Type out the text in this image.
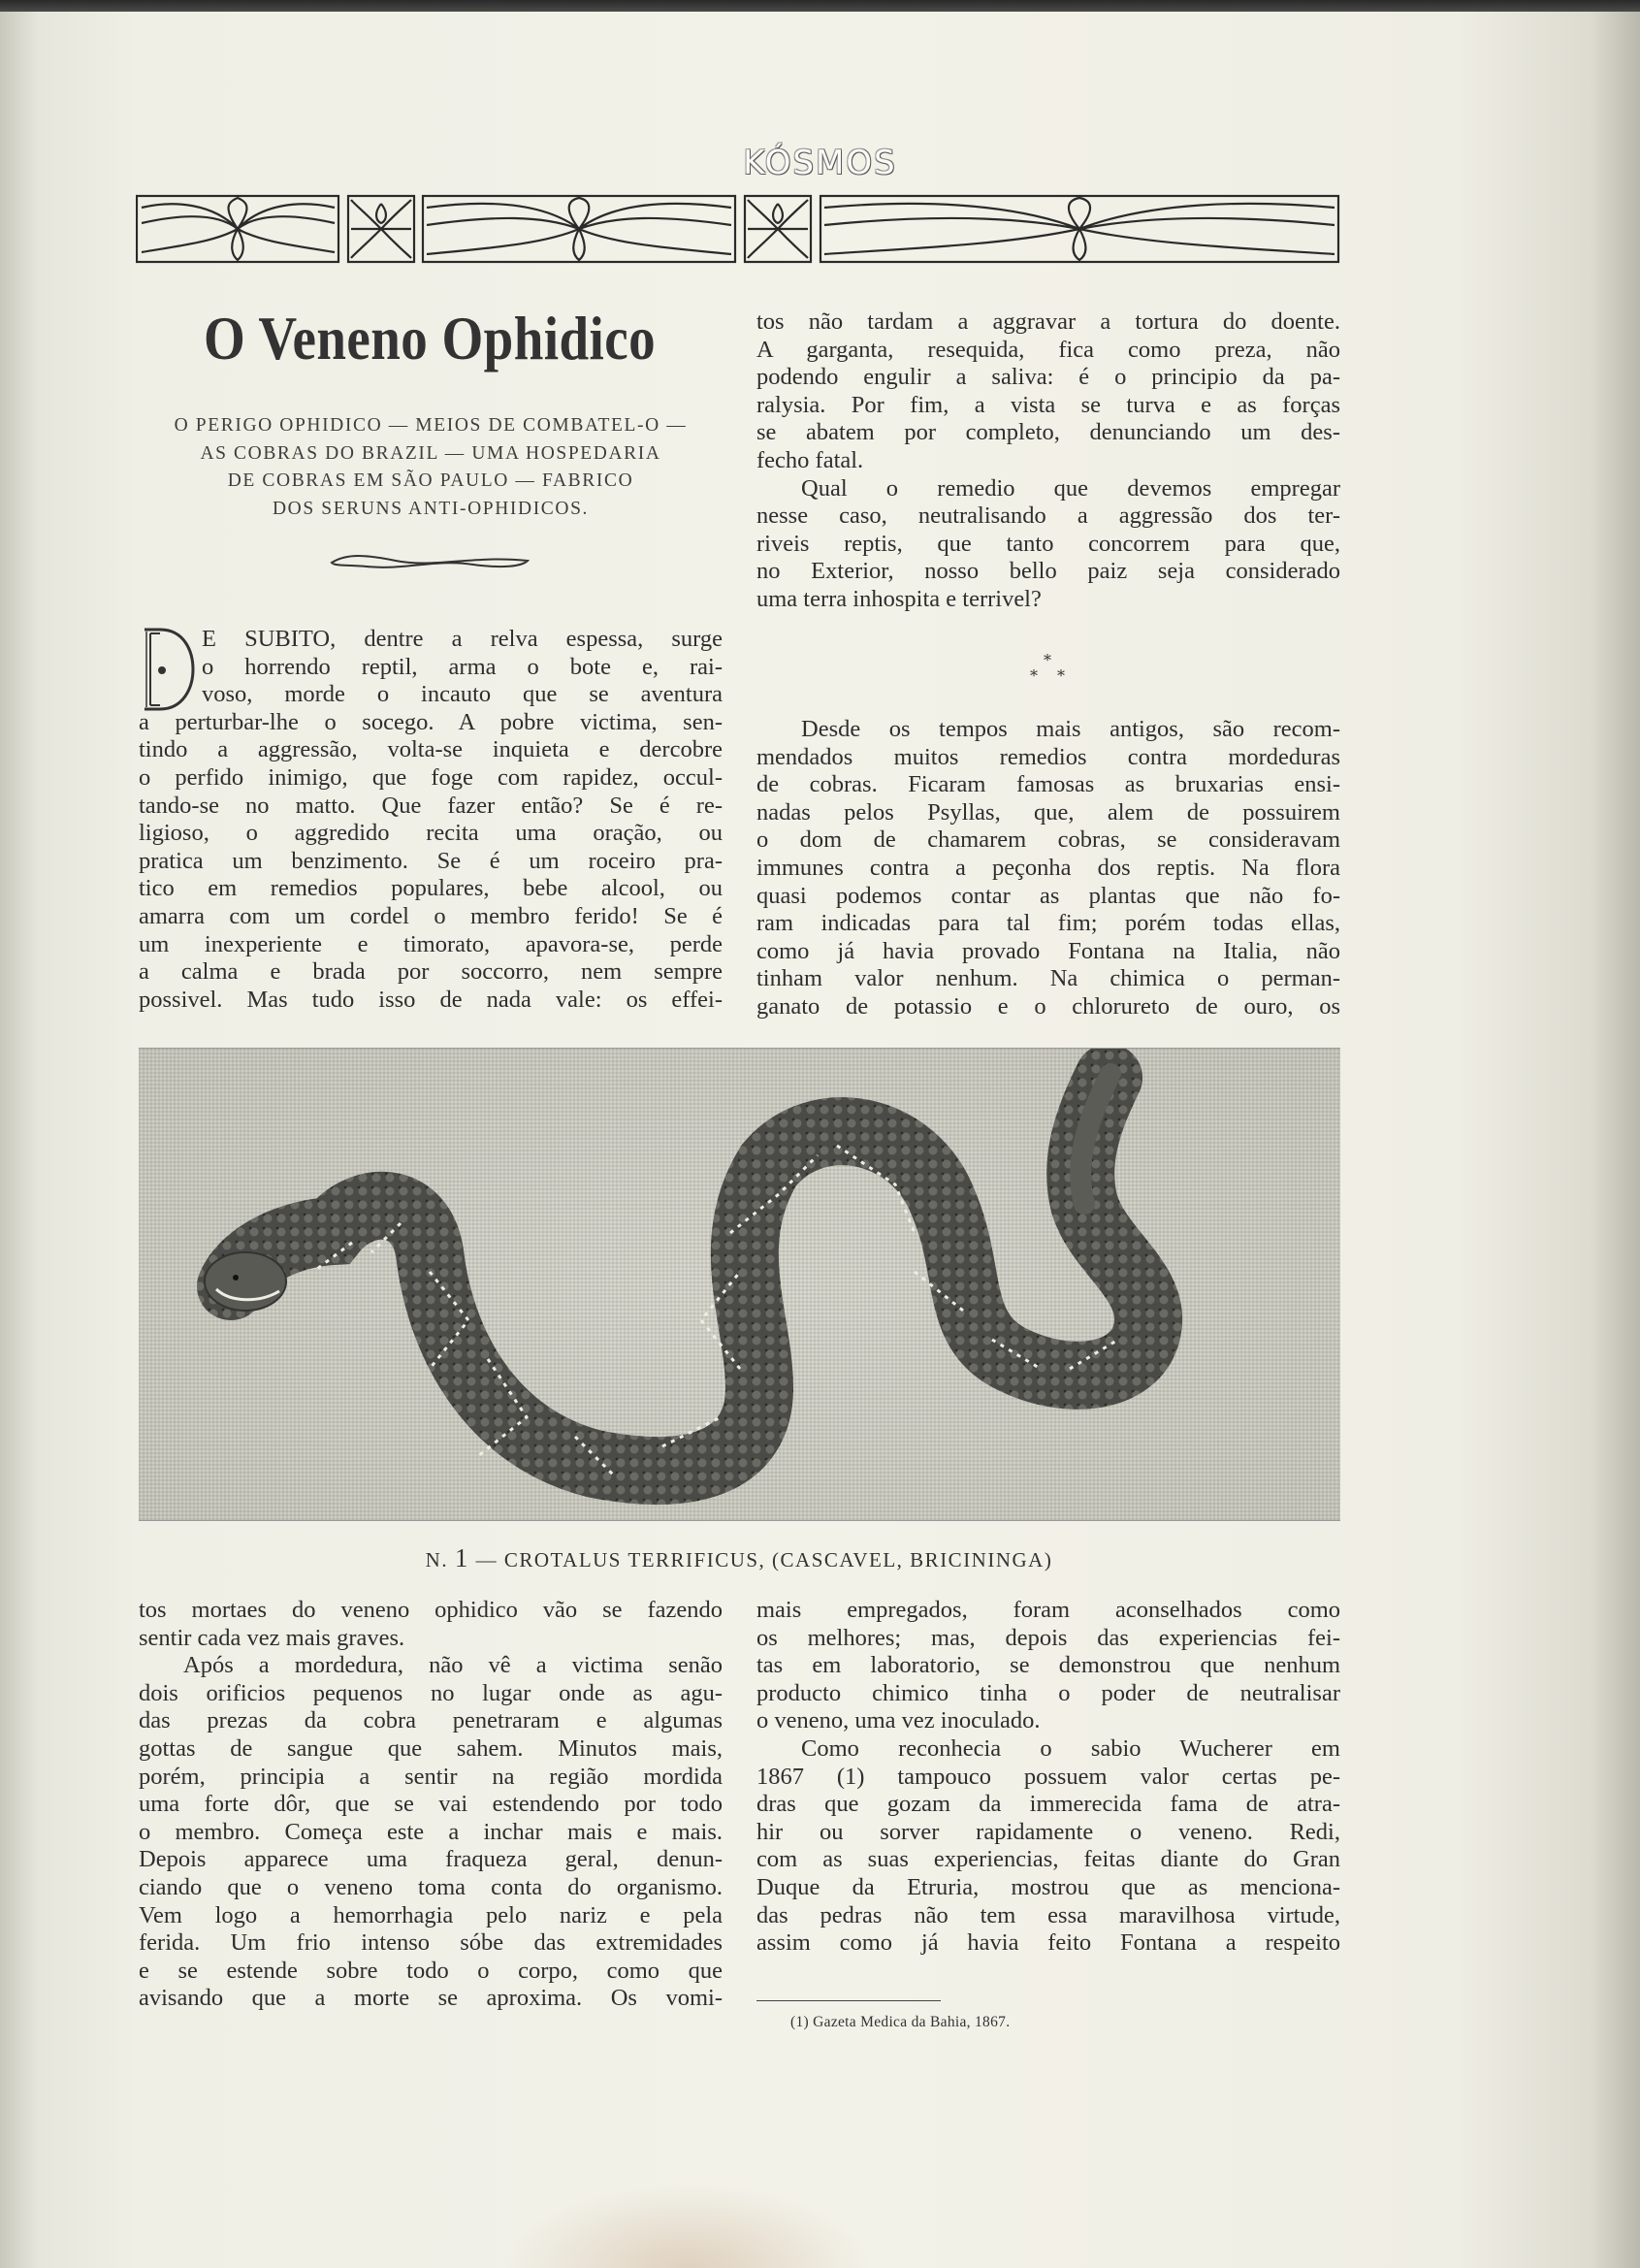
KÓSMOS
O Veneno Ophidico
O PERIGO OPHIDICO — MEIOS DE COMBATEL-O —
AS COBRAS DO BRAZIL — UMA HOSPEDARIA
DE COBRAS EM SÃO PAULO — FABRICO
DOS SERUNS ANTI-OPHIDICOS.
E SUBITO, dentre a relva espessa, surge
o horrendo reptil, arma o bote e, rai-
voso, morde o incauto que se aventura
a perturbar-lhe o socego. A pobre victima, sen-
tindo a aggressão, volta-se inquieta e dercobre
o perfido inimigo, que foge com rapidez, occul-
tando-se no matto. Que fazer então? Se é re-
ligioso, o aggredido recita uma oração, ou
pratica um benzimento. Se é um roceiro pra-
tico em remedios populares, bebe alcool, ou
amarra com um cordel o membro ferido! Se é
um inexperiente e timorato, apavora-se, perde
a calma e brada por soccorro, nem sempre
possivel. Mas tudo isso de nada vale: os effei-
tos não tardam a aggravar a tortura do doente.
A garganta, resequida, fica como preza, não
podendo engulir a saliva: é o principio da pa-
ralysia. Por fim, a vista se turva e as forças
se abatem por completo, denunciando um des-
fecho fatal.
Qual o remedio que devemos empregar
nesse caso, neutralisando a aggressão dos ter-
riveis reptis, que tanto concorrem para que,
no Exterior, nosso bello paiz seja considerado
uma terra inhospita e terrivel?
*
* *
Desde os tempos mais antigos, são recom-
mendados muitos remedios contra mordeduras
de cobras. Ficaram famosas as bruxarias ensi-
nadas pelos Psyllas, que, alem de possuirem
o dom de chamarem cobras, se consideravam
immunes contra a peçonha dos reptis. Na flora
quasi podemos contar as plantas que não fo-
ram indicadas para tal fim; porém todas ellas,
como já havia provado Fontana na Italia, não
tinham valor nenhum. Na chimica o perman-
ganato de potassio e o chlorureto de ouro, os
N. 1 — CROTALUS TERRIFICUS, (CASCAVEL, BRICININGA)
tos mortaes do veneno ophidico vão se fazendo
sentir cada vez mais graves.
Após a mordedura, não vê a victima senão
dois orificios pequenos no lugar onde as agu-
das prezas da cobra penetraram e algumas
gottas de sangue que sahem. Minutos mais,
porém, principia a sentir na região mordida
uma forte dôr, que se vai estendendo por todo
o membro. Começa este a inchar mais e mais.
Depois apparece uma fraqueza geral, denun-
ciando que o veneno toma conta do organismo.
Vem logo a hemorrhagia pelo nariz e pela
ferida. Um frio intenso sóbe das extremidades
e se estende sobre todo o corpo, como que
avisando que a morte se aproxima. Os vomi-
mais empregados, foram aconselhados como
os melhores; mas, depois das experiencias fei-
tas em laboratorio, se demonstrou que nenhum
producto chimico tinha o poder de neutralisar
o veneno, uma vez inoculado.
Como reconhecia o sabio Wucherer em
1867 (1) tampouco possuem valor certas pe-
dras que gozam da immerecida fama de atra-
hir ou sorver rapidamente o veneno. Redi,
com as suas experiencias, feitas diante do Gran
Duque da Etruria, mostrou que as menciona-
das pedras não tem essa maravilhosa virtude,
assim como já havia feito Fontana a respeito
(1) Gazeta Medica da Bahia, 1867.
